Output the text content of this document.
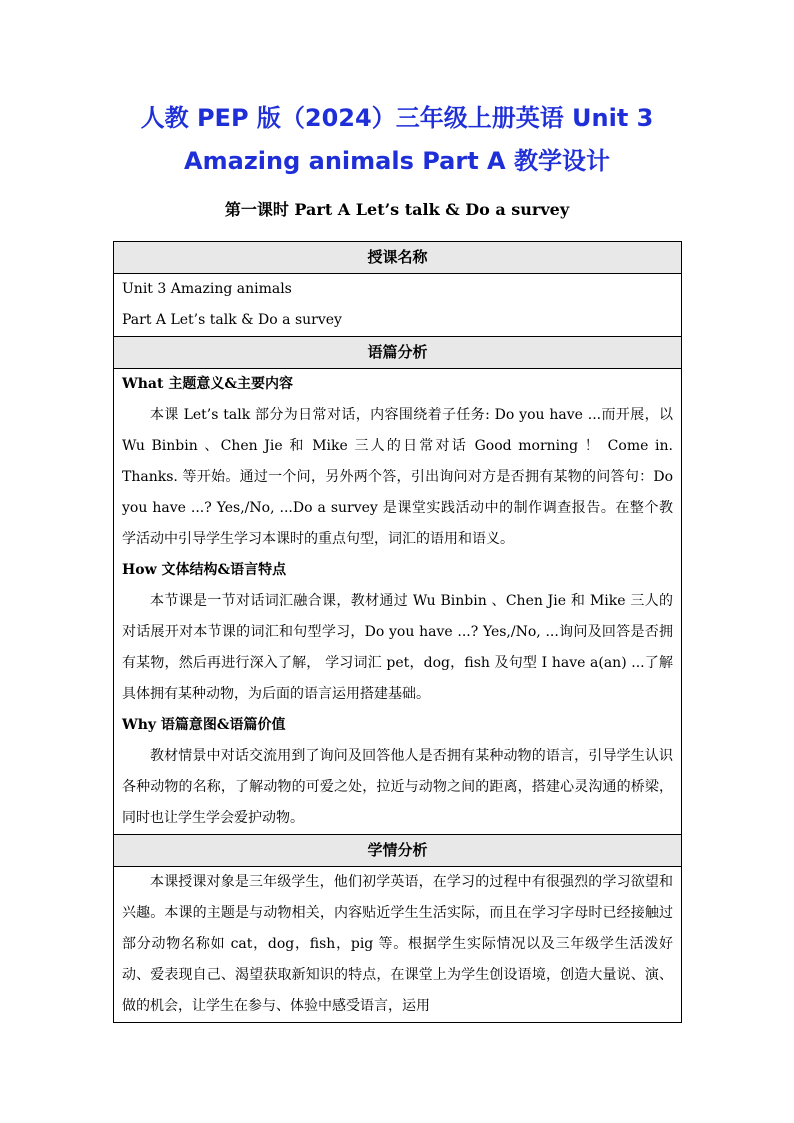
人教 PEP 版（2024）三年级上册英语 Unit 3
Amazing animals Part A 教学设计
第一课时 Part A Let’s talk & Do a survey
授课名称

Unit 3 Amazing animals
Part A Let’s talk & Do a survey

语篇分析

What 主题意义&主要内容

本课 Let’s talk 部分为日常对话，内容围绕着子任务: Do you have ...而开展，以 Wu Binbin 、Chen Jie 和 Mike 三人的日常对话 Good morning ！ Come in. Thanks. 等开始。通过一个问，另外两个答，引出询问对方是否拥有某物的问答句：Do you have ...? Yes,/No, ...Do a survey 是课堂实践活动中的制作调查报告。在整个教学活动中引导学生学习本课时的重点句型，词汇的语用和语义。

How 文体结构&语言特点

本节课是一节对话词汇融合课，教材通过 Wu Binbin 、Chen Jie 和 Mike 三人的对话展开对本节课的词汇和句型学习，Do you have ...? Yes,/No, ...询问及回答是否拥有某物，然后再进行深入了解， 学习词汇 pet，dog，fish 及句型 I have a(an) ...了解具体拥有某种动物，为后面的语言运用搭建基础。

Why 语篇意图&语篇价值

教材情景中对话交流用到了询问及回答他人是否拥有某种动物的语言，引导学生认识各种动物的名称，了解动物的可爱之处，拉近与动物之间的距离，搭建心灵沟通的桥梁，同时也让学生学会爱护动物。

学情分析

本课授课对象是三年级学生，他们初学英语，在学习的过程中有很强烈的学习欲望和兴趣。本课的主题是与动物相关，内容贴近学生生活实际，而且在学习字母时已经接触过部分动物名称如 cat，dog，fish，pig 等。根据学生实际情况以及三年级学生活泼好动、爱表现自己、渴望获取新知识的特点，在课堂上为学生创设语境，创造大量说、演、做的机会，让学生在参与、体验中感受语言，运用
